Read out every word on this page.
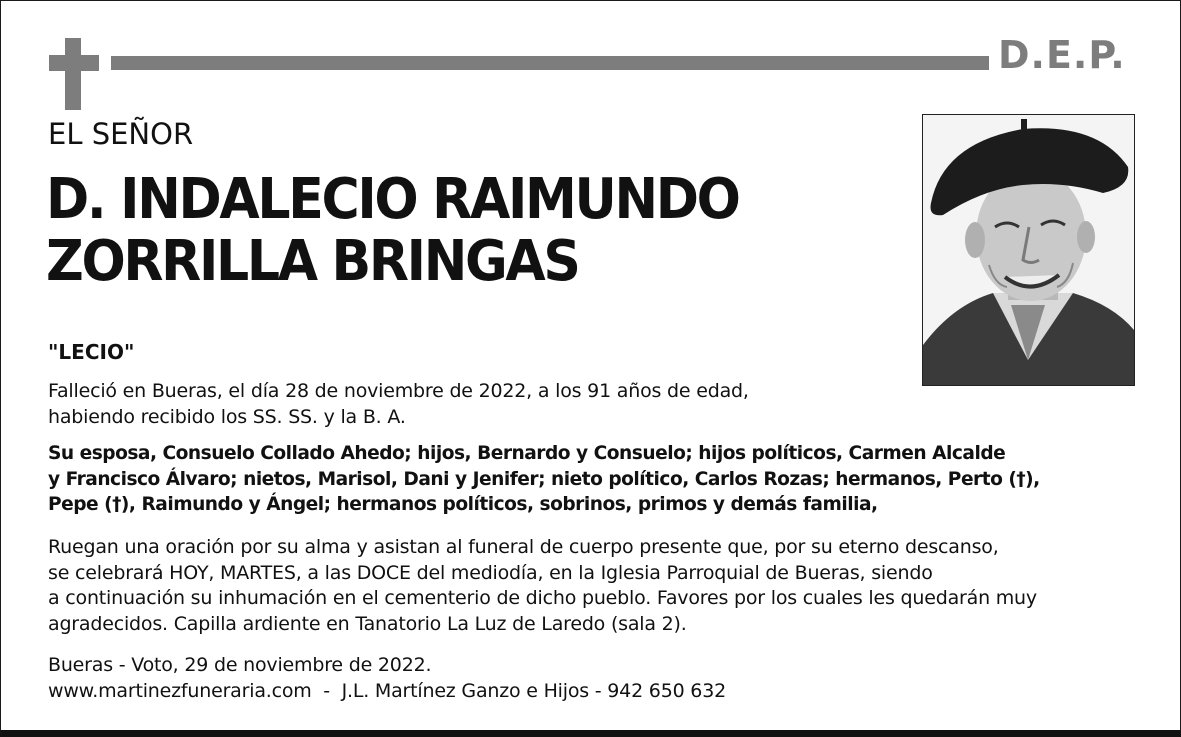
D.E.P.
EL SEÑOR
D. INDALECIO RAIMUNDO
ZORRILLA BRINGAS
"LECIO"
Falleció en Bueras, el día 28 de noviembre de 2022, a los 91 años de edad,
habiendo recibido los SS. SS. y la B. A.
Su esposa, Consuelo Collado Ahedo; hijos, Bernardo y Consuelo; hijos políticos, Carmen Alcalde
y Francisco Álvaro; nietos, Marisol, Dani y Jenifer; nieto político, Carlos Rozas; hermanos, Perto (†),
Pepe (†), Raimundo y Ángel; hermanos políticos, sobrinos, primos y demás familia,
Ruegan una oración por su alma y asistan al funeral de cuerpo presente que, por su eterno descanso,
se celebrará HOY, MARTES, a las DOCE del mediodía, en la Iglesia Parroquial de Bueras, siendo
a continuación su inhumación en el cementerio de dicho pueblo. Favores por los cuales les quedarán muy
agradecidos. Capilla ardiente en Tanatorio La Luz de Laredo (sala 2).
Bueras - Voto, 29 de noviembre de 2022.
www.martinezfuneraria.com  -  J.L. Martínez Ganzo e Hijos - 942 650 632
